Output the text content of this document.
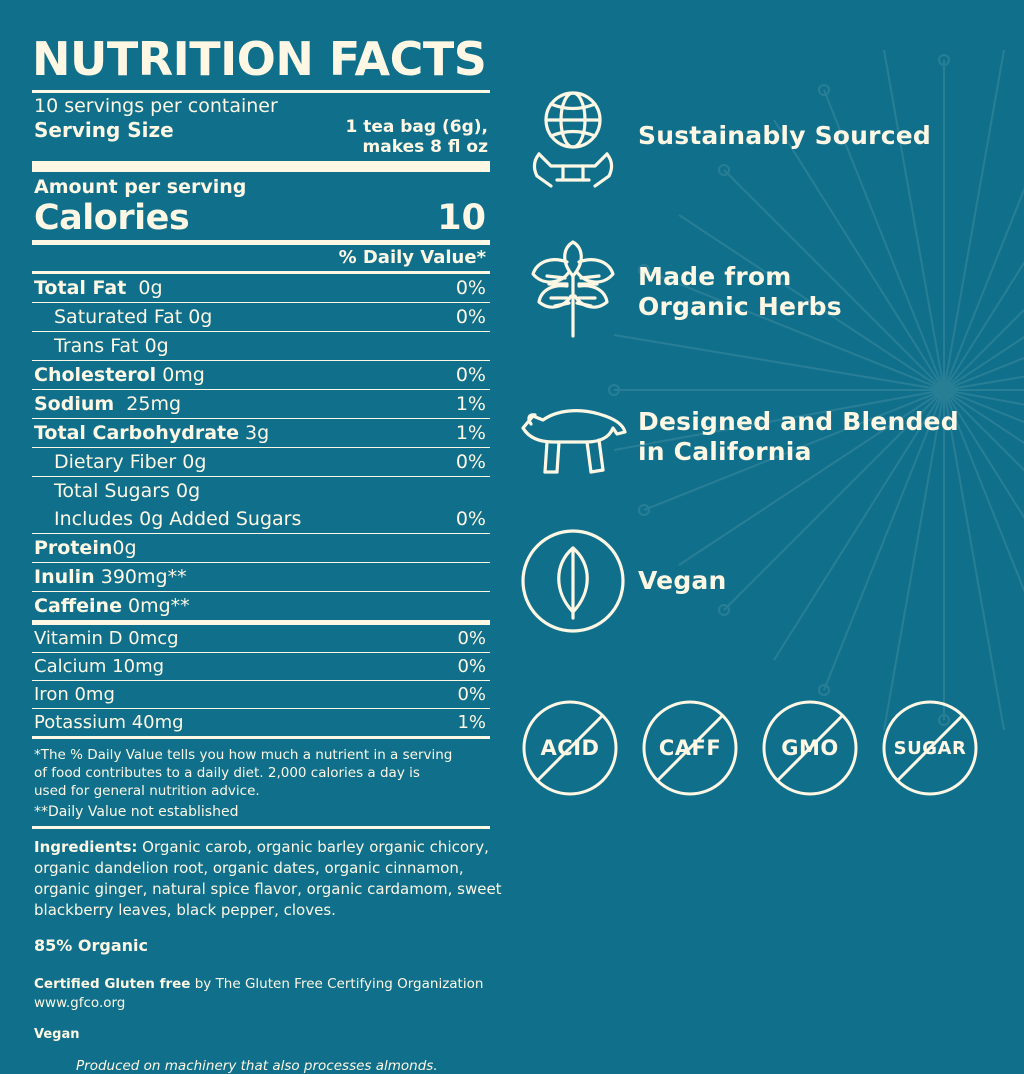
NUTRITION FACTS
10 servings per container
Serving Size	1 tea bag (6g),
makes 8 fl oz
Amount per serving
Calories	10
% Daily Value*
Total Fat 0g	0%
Saturated Fat 0g	0%
Trans Fat 0g
Cholesterol 0mg	0%
Sodium 25mg	1%
Total Carbohydrate 3g	1%
Dietary Fiber 0g	0%
Total Sugars 0g
Includes 0g Added Sugars	0%
Protein0g
Inulin 390mg**
Caffeine 0mg**
Vitamin D 0mcg	0%
Calcium 10mg	0%
Iron 0mg	0%
Potassium 40mg	1%
*The % Daily Value tells you how much a nutrient in a serving of food contributes to a daily diet. 2,000 calories a day is used for general nutrition advice.
**Daily Value not established
Ingredients: Organic carob, organic barley organic chicory, organic dandelion root, organic dates, organic cinnamon, organic ginger, natural spice flavor, organic cardamom, sweet blackberry leaves, black pepper, cloves.
85% Organic
Certified Gluten free by The Gluten Free Certifying Organization
www.gfco.org
Vegan
Produced on machinery that also processes almonds.
Sustainably Sourced
Made from
Organic Herbs
Designed and Blended
in California
Vegan
ACID	CAFF	GMO	SUGAR
